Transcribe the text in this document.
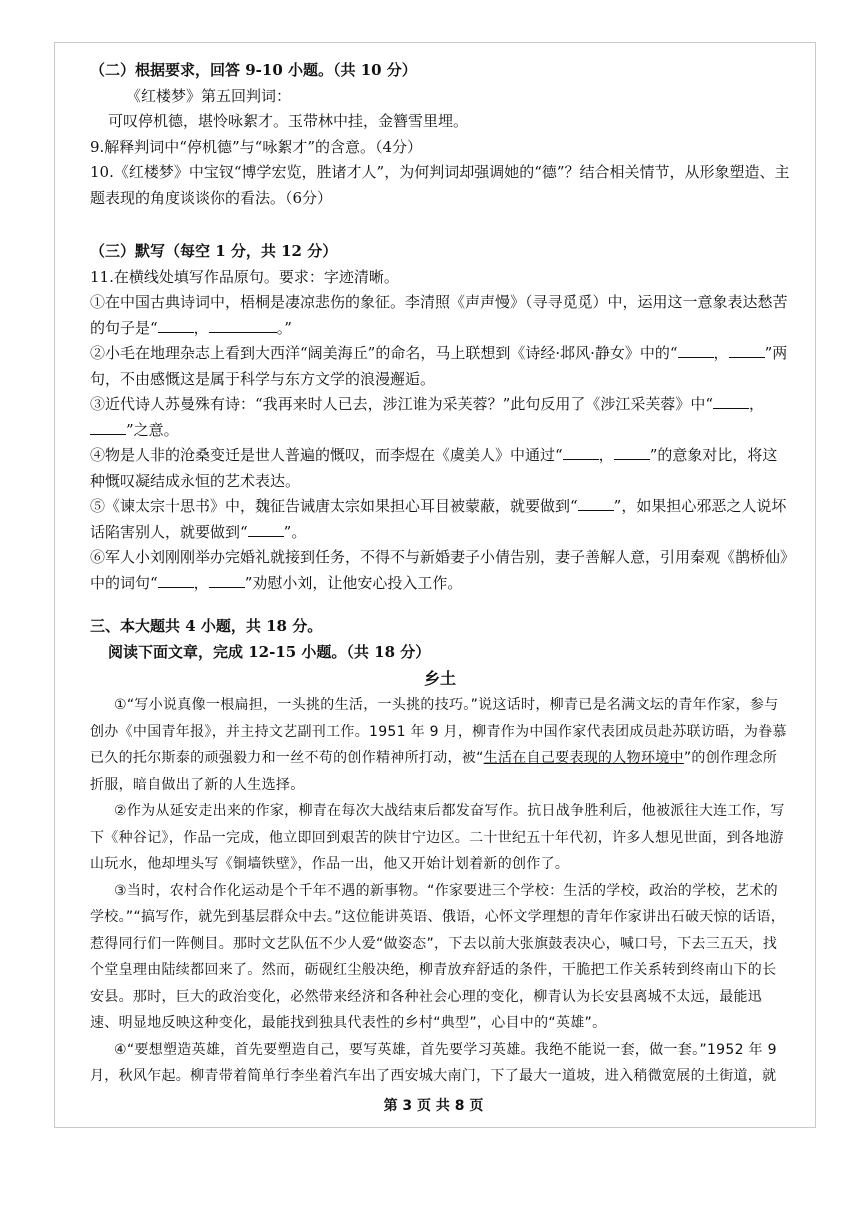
（二）根据要求，回答 9-10 小题。（共 10 分）

《红楼梦》第五回判词：

可叹停机德，堪怜咏絮才。玉带林中挂，金簪雪里埋。

9.解释判词中“停机德”与“咏絮才”的含意。（4分）

10.《红楼梦》中宝钗“博学宏览，胜诸才人”，为何判词却强调她的“德”？结合相关情节，从形象塑造、主题表现的角度谈谈你的看法。（6分）

（三）默写（每空 1 分，共 12 分）

11.在横线处填写作品原句。要求：字迹清晰。

①在中国古典诗词中，梧桐是凄凉悲伤的象征。李清照《声声慢》（寻寻觅觅）中，运用这一意象表达愁苦的句子是“ ，	。”

②小毛在地理杂志上看到大西洋“阔美海丘”的命名，马上联想到《诗经·邶风·静女》中的“ ， ”两句，不由感慨这是属于科学与东方文学的浪漫邂逅。

③近代诗人苏曼殊有诗：“我再来时人已去，涉江谁为采芙蓉？”此句反用了《涉江采芙蓉》中“ ，”之意。

④物是人非的沧桑变迁是世人普遍的慨叹，而李煜在《虞美人》中通过“ ， ”的意象对比，将这种慨叹凝结成永恒的艺术表达。

⑤《谏太宗十思书》中，魏征告诫唐太宗如果担心耳目被蒙蔽，就要做到“ ”，如果担心邪恶之人说坏话陷害别人，就要做到“ ”。

⑥军人小刘刚刚举办完婚礼就接到任务，不得不与新婚妻子小倩告别，妻子善解人意，引用秦观《鹊桥仙》中的词句“ ， ”劝慰小刘，让他安心投入工作。

三、本大题共 4 小题，共 18 分。

阅读下面文章，完成 12-15 小题。（共 18 分）

乡土

①“写小说真像一根扁担，一头挑的生活，一头挑的技巧。”说这话时，柳青已是名满文坛的青年作家，参与创办《中国青年报》，并主持文艺副刊工作。1951 年 9 月，柳青作为中国作家代表团成员赴苏联访晤，为眷慕已久的托尔斯泰的顽强毅力和一丝不苟的创作精神所打动，被“生活在自己要表现的人物环境中”的创作理念所折服，暗自做出了新的人生选择。

②作为从延安走出来的作家，柳青在每次大战结束后都发奋写作。抗日战争胜利后，他被派往大连工作，写下《种谷记》，作品一完成，他立即回到艰苦的陕甘宁边区。二十世纪五十年代初，许多人想见世面，到各地游山玩水，他却埋头写《铜墙铁壁》，作品一出，他又开始计划着新的创作了。

③当时，农村合作化运动是个千年不遇的新事物。“作家要进三个学校：生活的学校，政治的学校，艺术的学校。”“搞写作，就先到基层群众中去。”这位能讲英语、俄语，心怀文学理想的青年作家讲出石破天惊的话语，惹得同行们一阵侧目。那时文艺队伍不少人爱“做姿态”，下去以前大张旗鼓表决心，喊口号，下去三五天，找个堂皇理由陆续都回来了。然而，砺砚红尘般决绝，柳青放弃舒适的条件，干脆把工作关系转到终南山下的长安县。那时，巨大的政治变化，必然带来经济和各种社会心理的变化，柳青认为长安县离城不太远，最能迅速、明显地反映这种变化，最能找到独具代表性的乡村“典型”，心目中的“英雄”。

④“要想塑造英雄，首先要塑造自己，要写英雄，首先要学习英雄。我绝不能说一套，做一套。”1952 年 9 月，秋风乍起。柳青带着简单行李坐着汽车出了西安城大南门，下了最大一道坡，进入稍微宽展的土街道，就

第 3 页 共 8 页
